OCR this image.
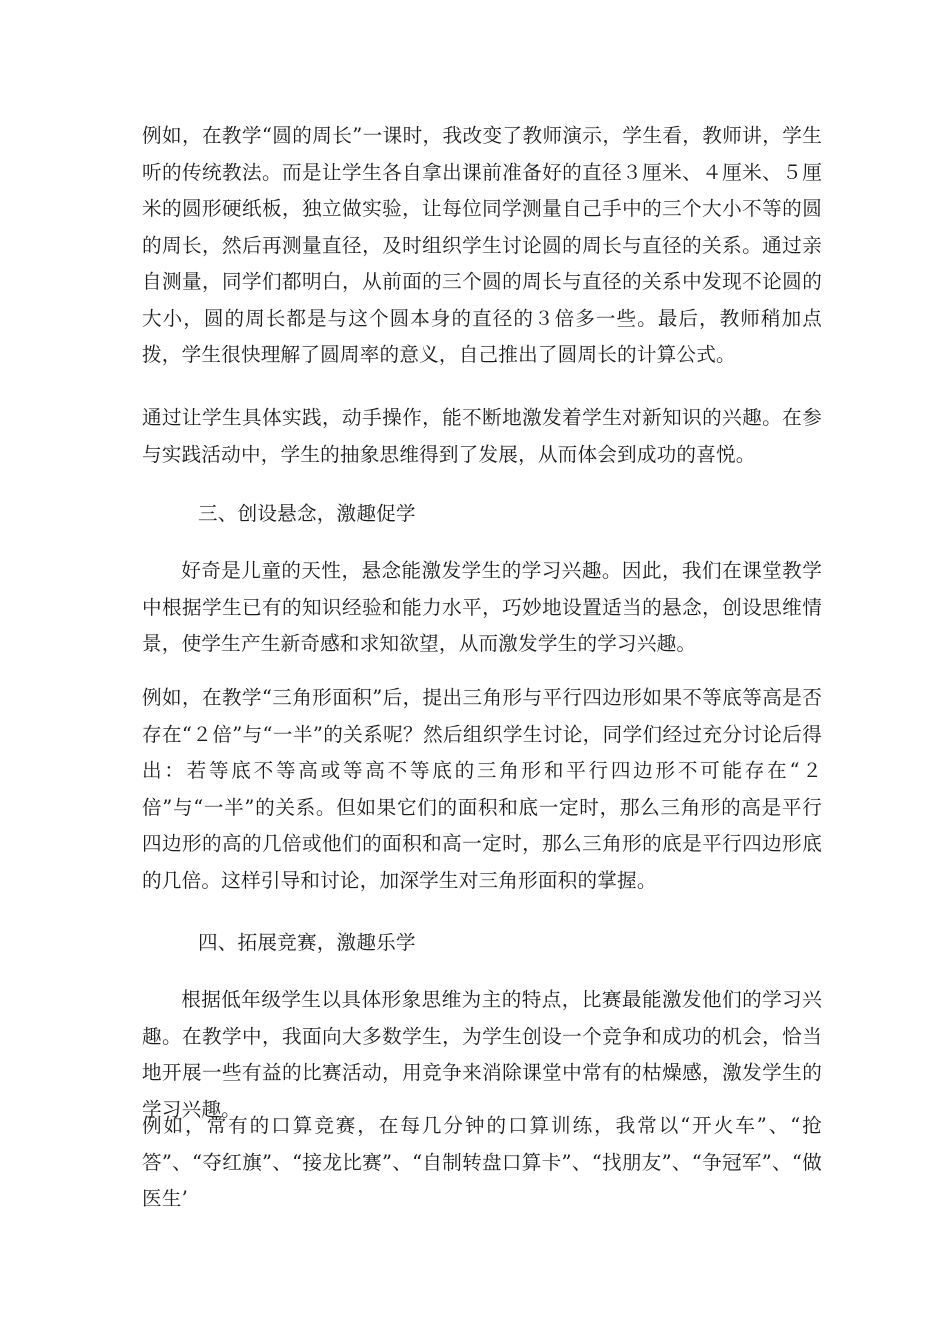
例如，在教学“圆的周长”一课时，我改变了教师演示，学生看，教师讲，学生听的传统教法。而是让学生各自拿出课前准备好的直径３厘米、４厘米、５厘米的圆形硬纸板，独立做实验，让每位同学测量自己手中的三个大小不等的圆的周长，然后再测量直径，及时组织学生讨论圆的周长与直径的关系。通过亲自测量，同学们都明白，从前面的三个圆的周长与直径的关系中发现不论圆的大小，圆的周长都是与这个圆本身的直径的３倍多一些。最后，教师稍加点拨，学生很快理解了圆周率的意义，自己推出了圆周长的计算公式。

通过让学生具体实践，动手操作，能不断地激发着学生对新知识的兴趣。在参与实践活动中，学生的抽象思维得到了发展，从而体会到成功的喜悦。

三、创设悬念，激趣促学

好奇是儿童的天性，悬念能激发学生的学习兴趣。因此，我们在课堂教学中根据学生已有的知识经验和能力水平，巧妙地设置适当的悬念，创设思维情景，使学生产生新奇感和求知欲望，从而激发学生的学习兴趣。

例如，在教学“三角形面积”后，提出三角形与平行四边形如果不等底等高是否存在“２倍”与“一半”的关系呢？然后组织学生讨论，同学们经过充分讨论后得出：若等底不等高或等高不等底的三角形和平行四边形不可能存在“２倍”与“一半”的关系。但如果它们的面积和底一定时，那么三角形的高是平行四边形的高的几倍或他们的面积和高一定时，那么三角形的底是平行四边形底的几倍。这样引导和讨论，加深学生对三角形面积的掌握。

四、拓展竞赛，激趣乐学

根据低年级学生以具体形象思维为主的特点，比赛最能激发他们的学习兴趣。在教学中，我面向大多数学生，为学生创设一个竞争和成功的机会，恰当地开展一些有益的比赛活动，用竞争来消除课堂中常有的枯燥感，激发学生的学习兴趣。

例如，常有的口算竞赛，在每几分钟的口算训练，我常以“开火车”、“抢答”、“夺红旗”、“接龙比赛”、“自制转盘口算卡”、“找朋友”、“争冠军”、“做医生’
